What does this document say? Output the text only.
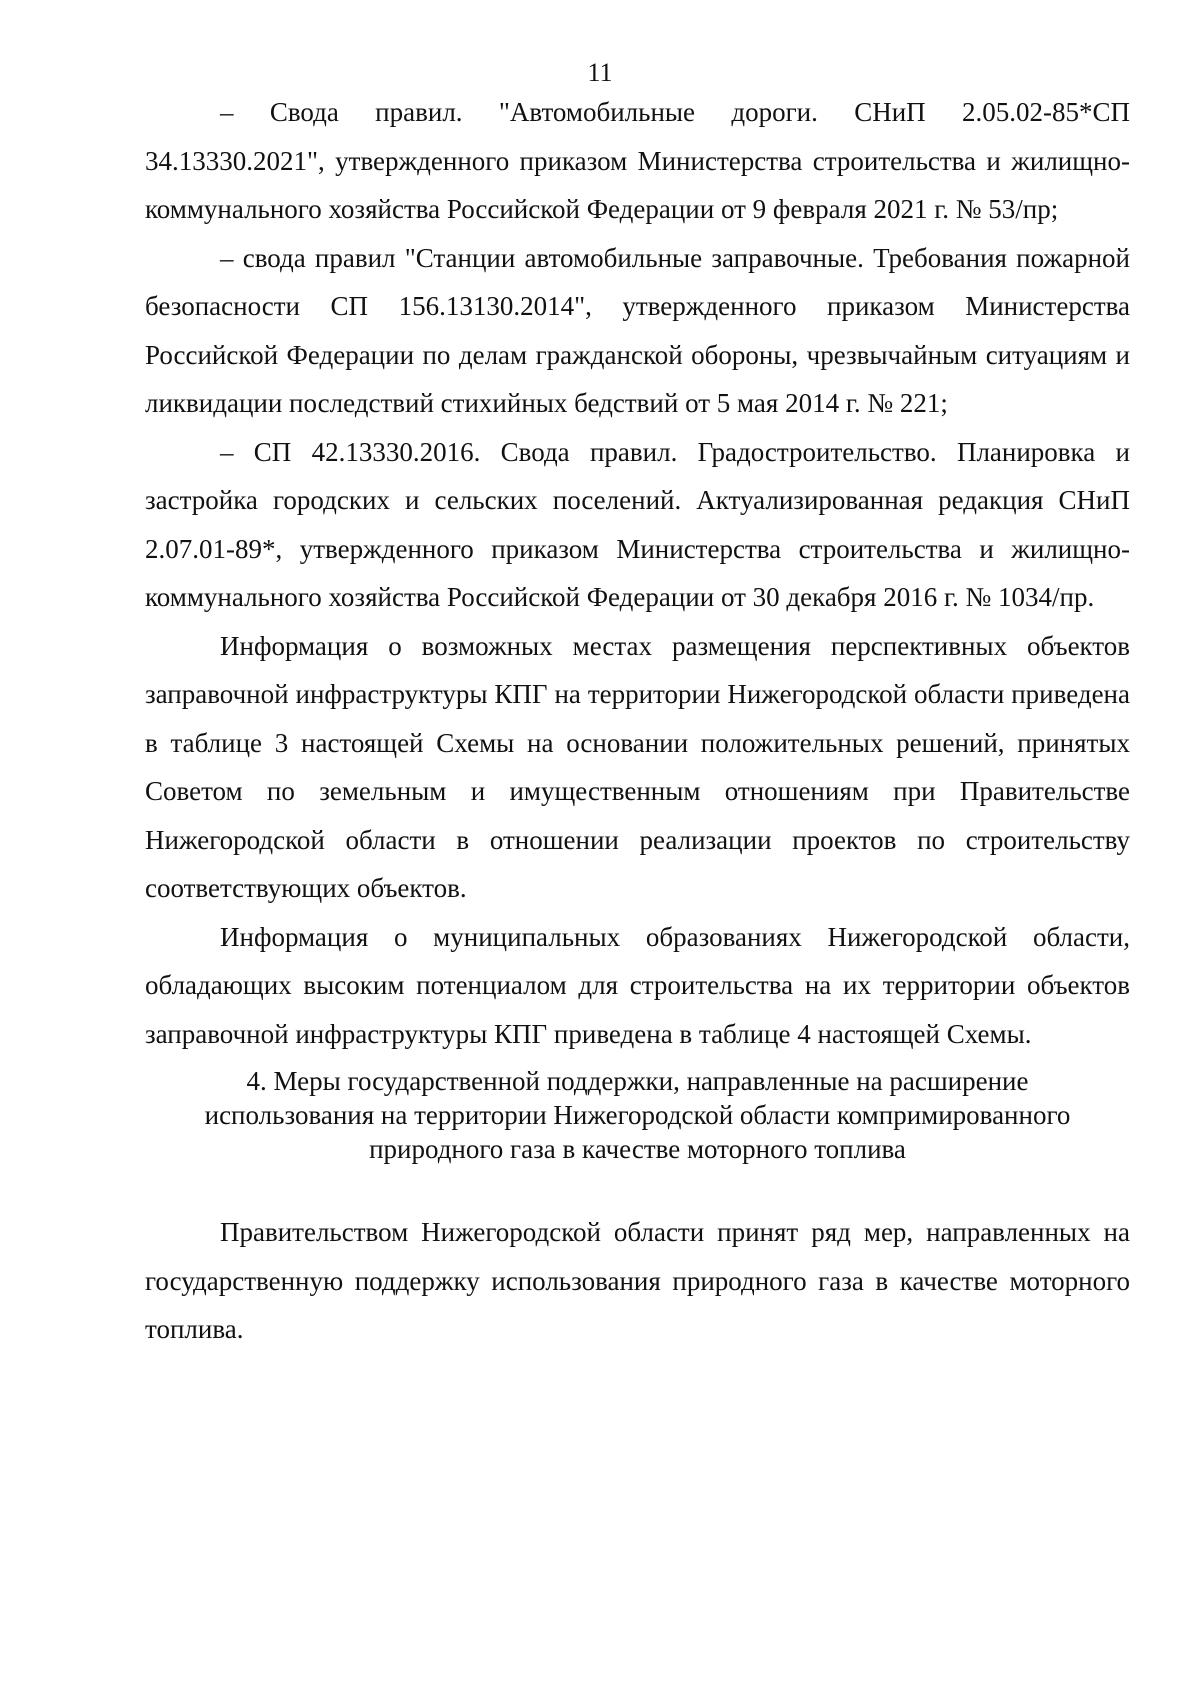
11

– Свода правил. "Автомобильные дороги. СНиП 2.05.02-85*СП 34.13330.2021", утвержденного приказом Министерства строительства и жилищно-коммунального хозяйства Российской Федерации от 9 февраля 2021 г. № 53/пр;

– свода правил "Станции автомобильные заправочные. Требования пожарной безопасности СП 156.13130.2014", утвержденного приказом Министерства Российской Федерации по делам гражданской обороны, чрезвычайным ситуациям и ликвидации последствий стихийных бедствий от 5 мая 2014 г. № 221;

– СП 42.13330.2016. Свода правил. Градостроительство. Планировка и застройка городских и сельских поселений. Актуализированная редакция СНиП 2.07.01-89*, утвержденного приказом Министерства строительства и жилищно-коммунального хозяйства Российской Федерации от 30 декабря 2016 г. № 1034/пр.

Информация о возможных местах размещения перспективных объектов заправочной инфраструктуры КПГ на территории Нижегородской области приведена в таблице 3 настоящей Схемы на основании положительных решений, принятых Советом по земельным и имущественным отношениям при Правительстве Нижегородской области в отношении реализации проектов по строительству соответствующих объектов.

Информация о муниципальных образованиях Нижегородской области, обладающих высоким потенциалом для строительства на их территории объектов заправочной инфраструктуры КПГ приведена в таблице 4 настоящей Схемы.

4. Меры государственной поддержки, направленные на расширение использования на территории Нижегородской области компримированного природного газа в качестве моторного топлива

Правительством Нижегородской области принят ряд мер, направленных на государственную поддержку использования природного газа в качестве моторного топлива.
